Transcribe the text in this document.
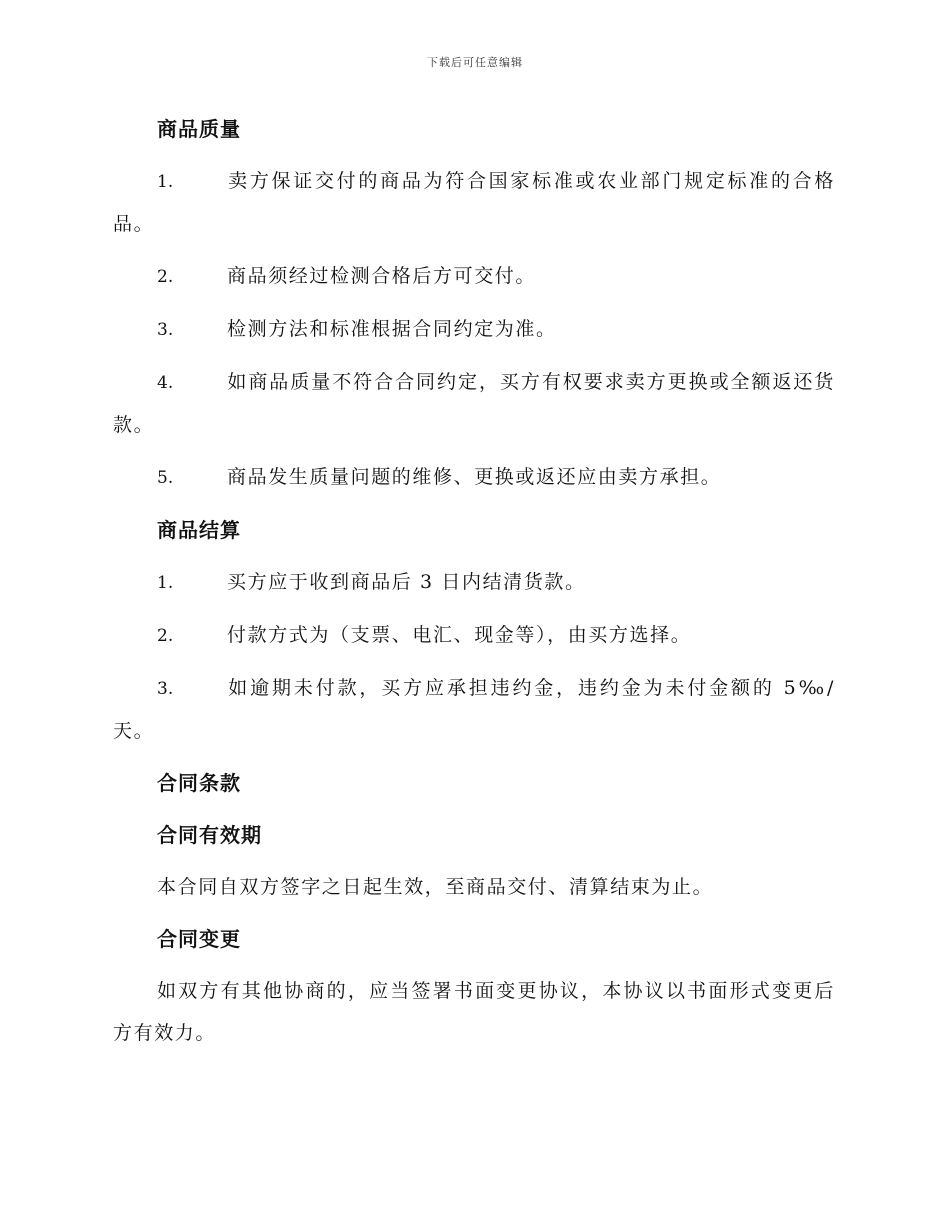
下载后可任意编辑
商品质量
1.	卖方保证交付的商品为符合国家标准或农业部门规定标准的合格品。
2.	商品须经过检测合格后方可交付。
3.	检测方法和标准根据合同约定为准。
4.	如商品质量不符合合同约定，买方有权要求卖方更换或全额返还货款。
5.	商品发生质量问题的维修、更换或返还应由卖方承担。
商品结算
1.	买方应于收到商品后 3 日内结清货款。
2.	付款方式为（支票、电汇、现金等），由买方选择。
3.	如逾期未付款，买方应承担违约金，违约金为未付金额的 5‰/天。
合同条款
合同有效期
本合同自双方签字之日起生效，至商品交付、清算结束为止。
合同变更
如双方有其他协商的，应当签署书面变更协议，本协议以书面形式变更后方有效力。
